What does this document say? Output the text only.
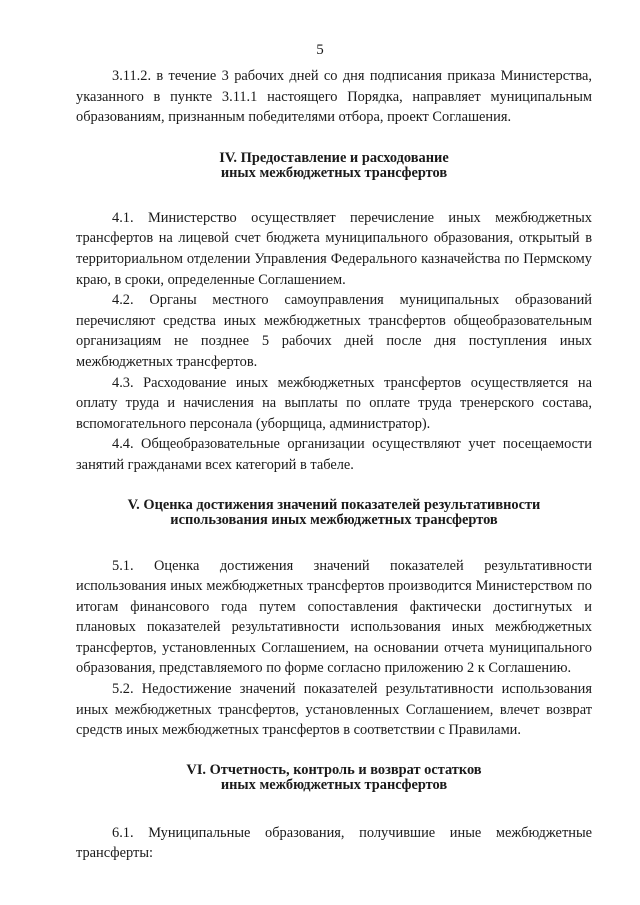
5

3.11.2. в течение 3 рабочих дней со дня подписания приказа Министерства, указанного в пункте 3.11.1 настоящего Порядка, направляет муниципальным образованиям, признанным победителями отбора, проект Соглашения.

IV. Предоставление и расходование
иных межбюджетных трансфертов

4.1. Министерство осуществляет перечисление иных межбюджетных трансфертов на лицевой счет бюджета муниципального образования, открытый в территориальном отделении Управления Федерального казначейства по Пермскому краю, в сроки, определенные Соглашением.

4.2. Органы местного самоуправления муниципальных образований перечисляют средства иных межбюджетных трансфертов общеобразовательным организациям не позднее 5 рабочих дней после дня поступления иных межбюджетных трансфертов.

4.3. Расходование иных межбюджетных трансфертов осуществляется на оплату труда и начисления на выплаты по оплате труда тренерского состава, вспомогательного персонала (уборщица, администратор).

4.4. Общеобразовательные организации осуществляют учет посещаемости занятий гражданами всех категорий в табеле.

V. Оценка достижения значений показателей результативности
использования иных межбюджетных трансфертов

5.1. Оценка достижения значений показателей результативности использования иных межбюджетных трансфертов производится Министерством по итогам финансового года путем сопоставления фактически достигнутых и плановых показателей результативности использования иных межбюджетных трансфертов, установленных Соглашением, на основании отчета муниципального образования, представляемого по форме согласно приложению 2 к Соглашению.

5.2. Недостижение значений показателей результативности использования иных межбюджетных трансфертов, установленных Соглашением, влечет возврат средств иных межбюджетных трансфертов в соответствии с Правилами.

VI. Отчетность, контроль и возврат остатков
иных межбюджетных трансфертов

6.1. Муниципальные образования, получившие иные межбюджетные трансферты:
